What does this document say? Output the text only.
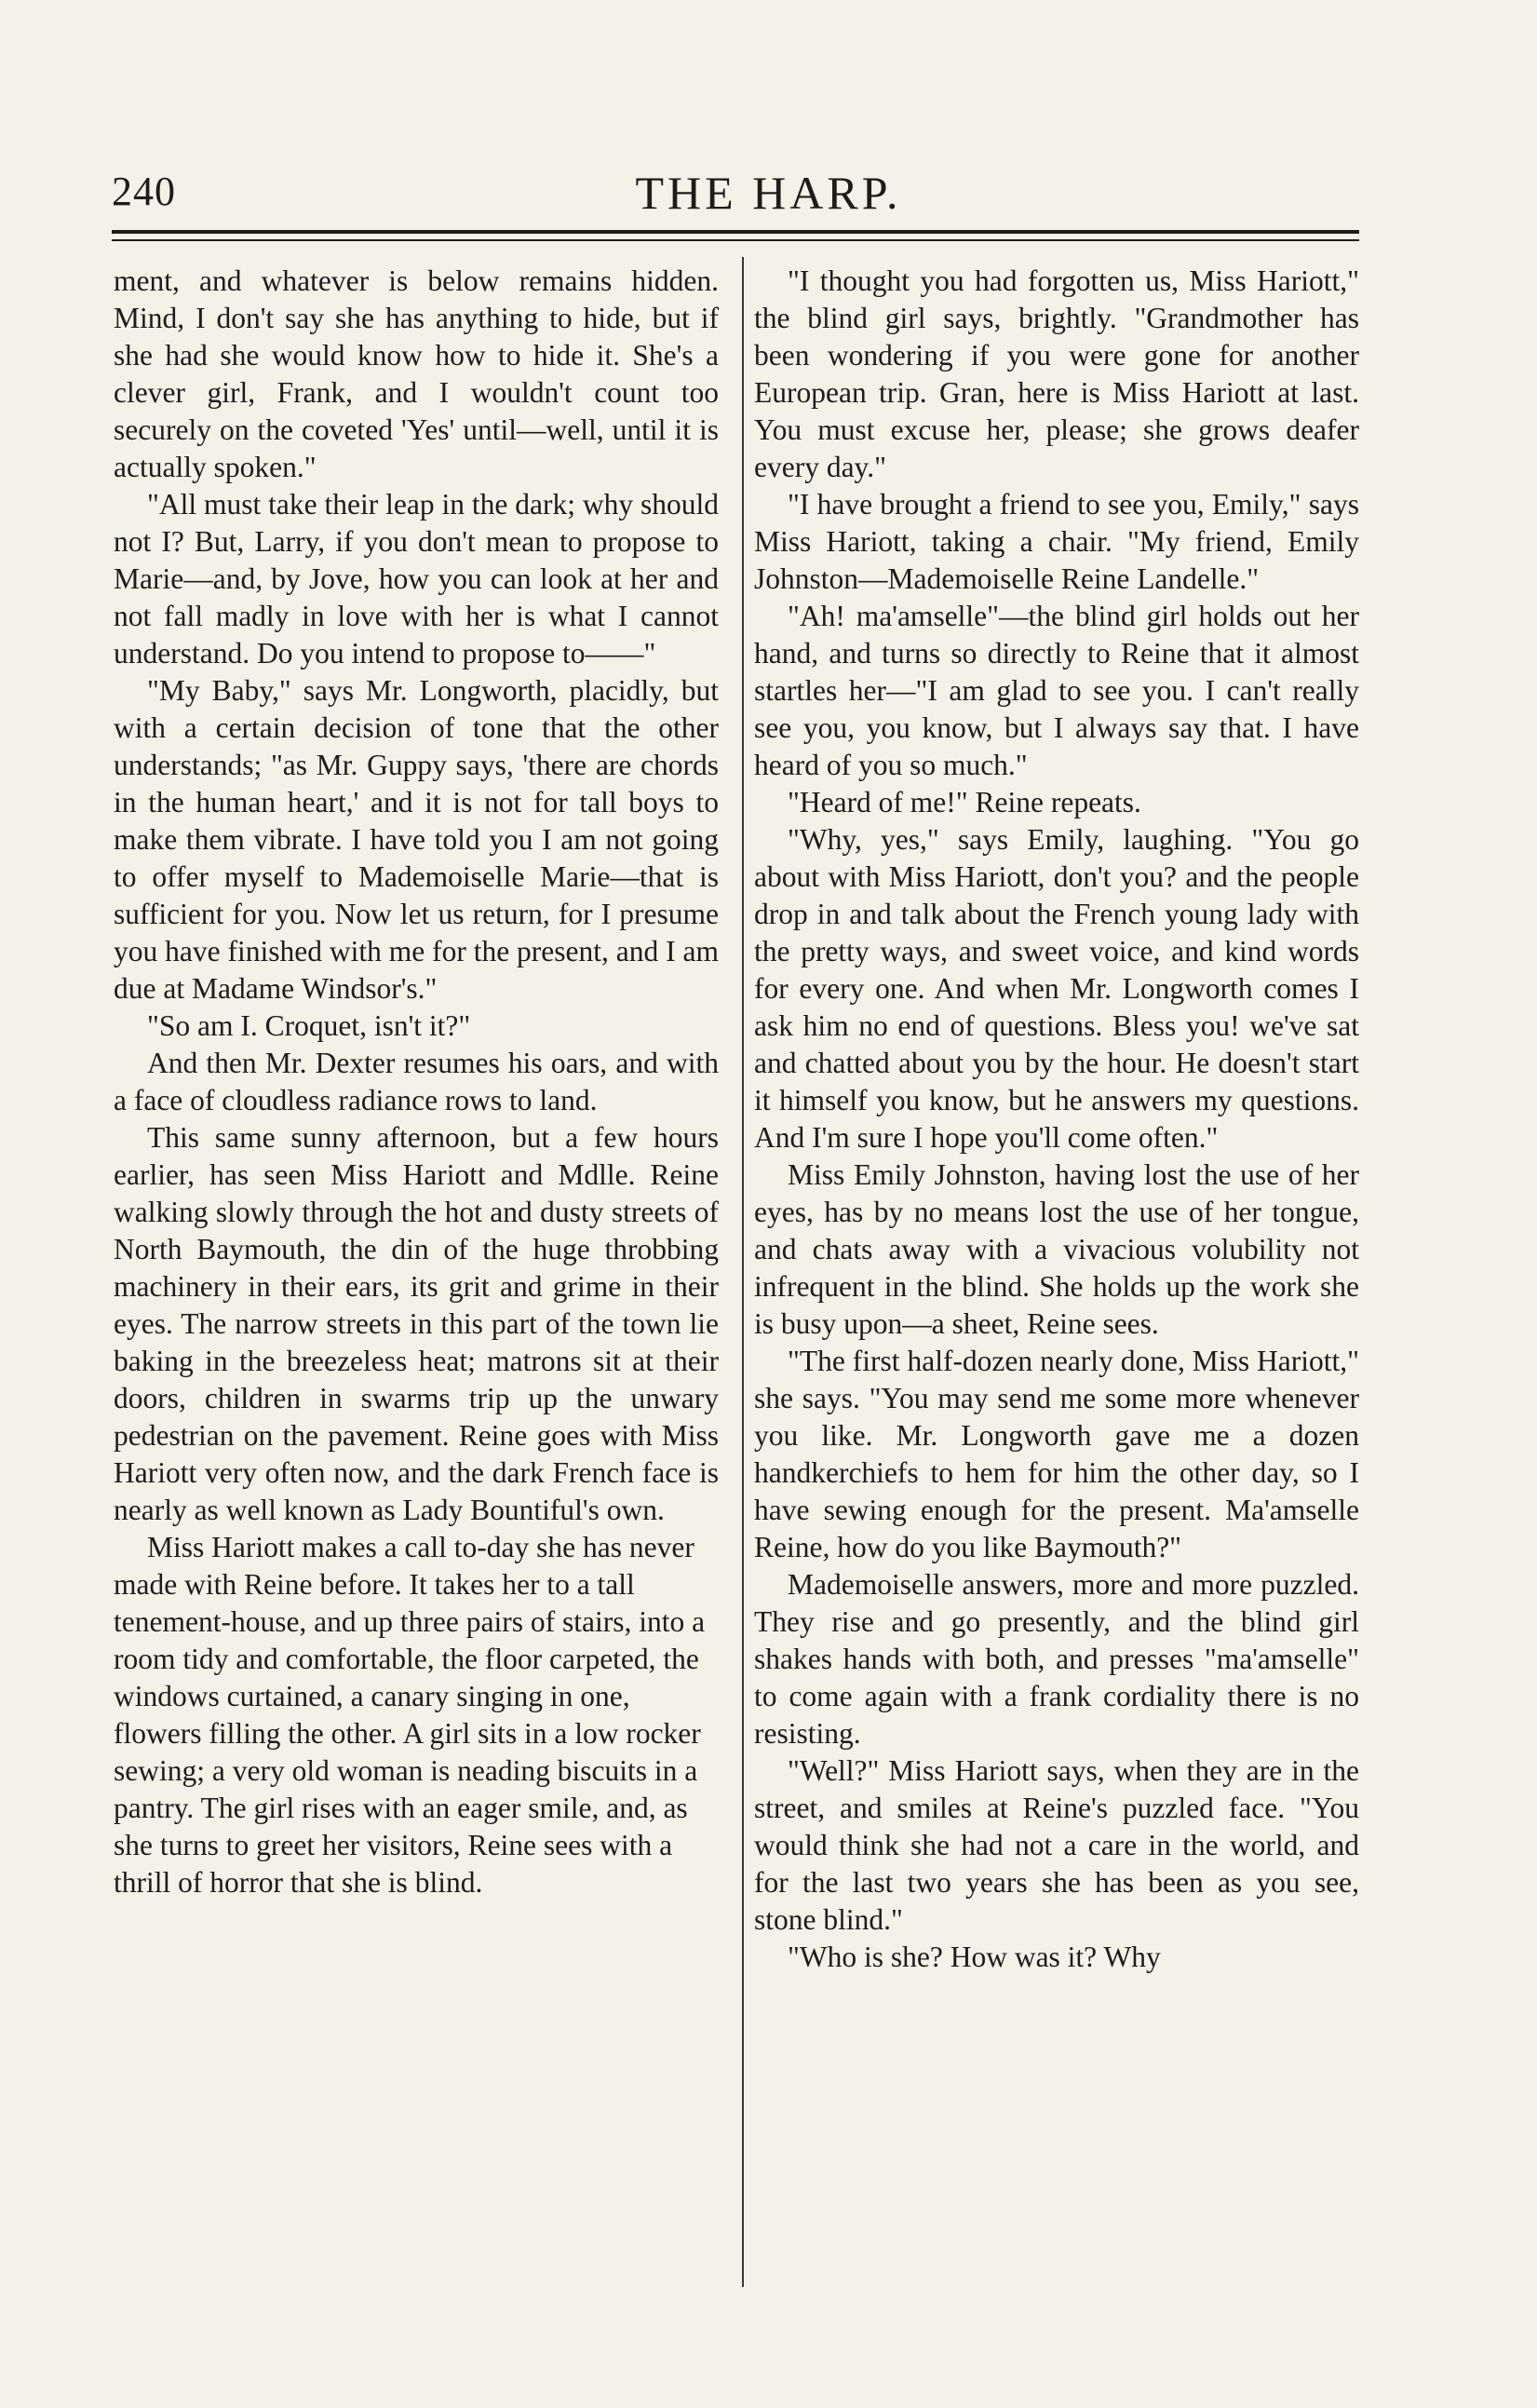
240	THE HARP.

ment, and whatever is below remains hidden. Mind, I don't say she has anything to hide, but if she had she would know how to hide it. She's a clever girl, Frank, and I wouldn't count too securely on the coveted 'Yes' until—well, until it is actually spoken."

"All must take their leap in the dark; why should not I? But, Larry, if you don't mean to propose to Marie—and, by Jove, how you can look at her and not fall madly in love with her is what I cannot understand. Do you intend to propose to——"

"My Baby," says Mr. Longworth, placidly, but with a certain decision of tone that the other understands; "as Mr. Guppy says, 'there are chords in the human heart,' and it is not for tall boys to make them vibrate. I have told you I am not going to offer myself to Mademoiselle Marie—that is sufficient for you. Now let us return, for I presume you have finished with me for the present, and I am due at Madame Windsor's."

"So am I. Croquet, isn't it?"

And then Mr. Dexter resumes his oars, and with a face of cloudless radiance rows to land.

This same sunny afternoon, but a few hours earlier, has seen Miss Hariott and Mdlle. Reine walking slowly through the hot and dusty streets of North Baymouth, the din of the huge throbbing machinery in their ears, its grit and grime in their eyes. The narrow streets in this part of the town lie baking in the breezeless heat; matrons sit at their doors, children in swarms trip up the unwary pedestrian on the pavement. Reine goes with Miss Hariott very often now, and the dark French face is nearly as well known as Lady Bountiful's own.

Miss Hariott makes a call to-day she has never made with Reine before. It takes her to a tall tenement-house, and up three pairs of stairs, into a room tidy and comfortable, the floor carpeted, the windows curtained, a canary singing in one, flowers filling the other. A girl sits in a low rocker sewing; a very old woman is neading biscuits in a pantry. The girl rises with an eager smile, and, as she turns to greet her visitors, Reine sees with a thrill of horror that she is blind.

"I thought you had forgotten us, Miss Hariott," the blind girl says, brightly. "Grandmother has been wondering if you were gone for another European trip. Gran, here is Miss Hariott at last. You must excuse her, please; she grows deafer every day."

"I have brought a friend to see you, Emily," says Miss Hariott, taking a chair. "My friend, Emily Johnston—Mademoiselle Reine Landelle."

"Ah! ma'amselle"—the blind girl holds out her hand, and turns so directly to Reine that it almost startles her—"I am glad to see you. I can't really see you, you know, but I always say that. I have heard of you so much."

"Heard of me!" Reine repeats.

"Why, yes," says Emily, laughing. "You go about with Miss Hariott, don't you? and the people drop in and talk about the French young lady with the pretty ways, and sweet voice, and kind words for every one. And when Mr. Longworth comes I ask him no end of questions. Bless you! we've sat and chatted about you by the hour. He doesn't start it himself you know, but he answers my questions. And I'm sure I hope you'll come often."

Miss Emily Johnston, having lost the use of her eyes, has by no means lost the use of her tongue, and chats away with a vivacious volubility not infrequent in the blind. She holds up the work she is busy upon—a sheet, Reine sees.

"The first half-dozen nearly done, Miss Hariott," she says. "You may send me some more whenever you like. Mr. Longworth gave me a dozen handkerchiefs to hem for him the other day, so I have sewing enough for the present. Ma'amselle Reine, how do you like Baymouth?"

Mademoiselle answers, more and more puzzled. They rise and go presently, and the blind girl shakes hands with both, and presses "ma'amselle" to come again with a frank cordiality there is no resisting.

"Well?" Miss Hariott says, when they are in the street, and smiles at Reine's puzzled face. "You would think she had not a care in the world, and for the last two years she has been as you see, stone blind."

"Who is she? How was it? Why
